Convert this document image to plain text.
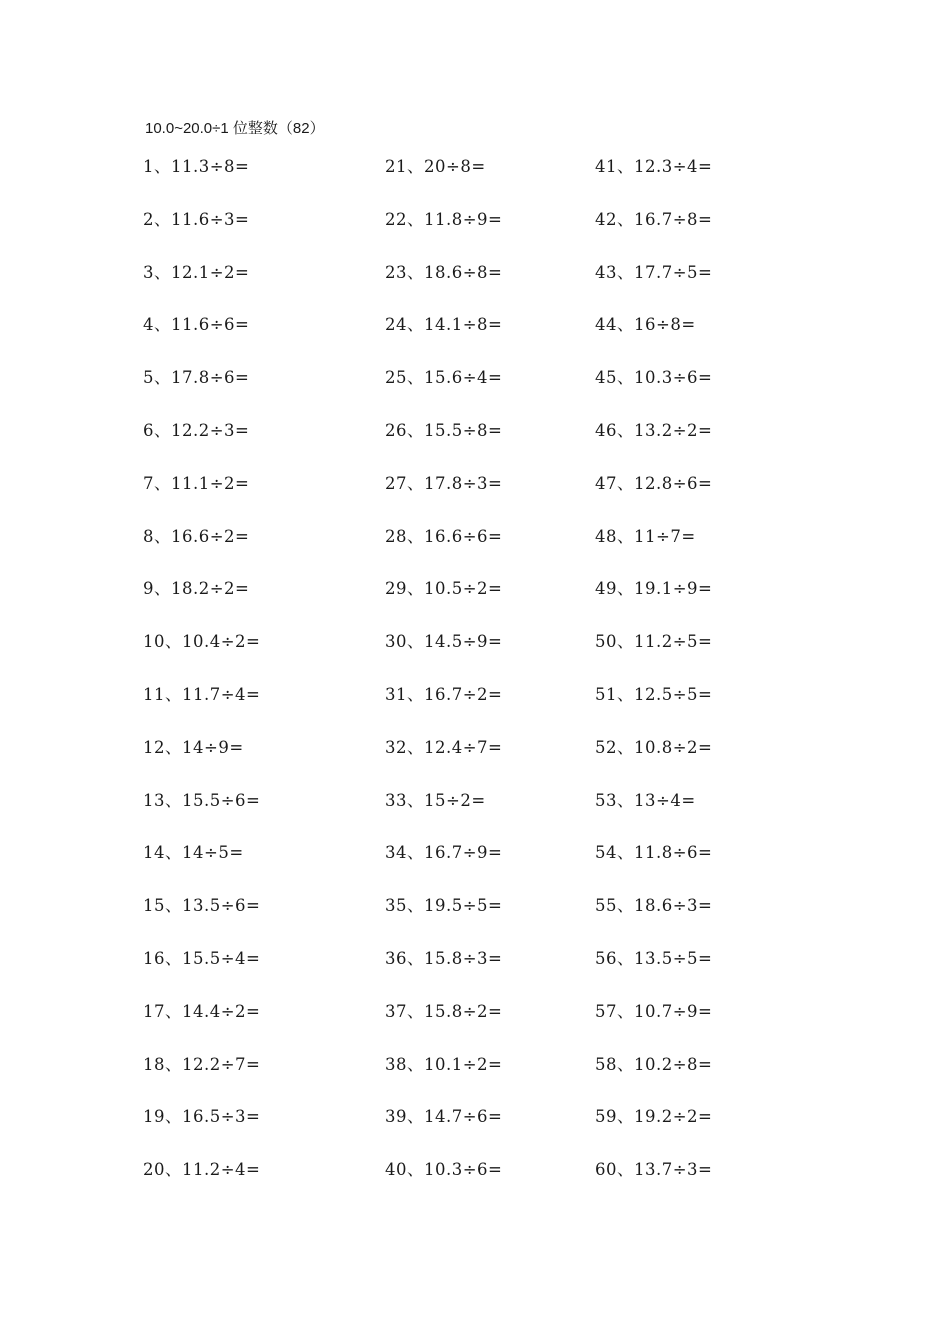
10.0~20.0÷1 位整数（82）
1、11.3÷8=
2、11.6÷3=
3、12.1÷2=
4、11.6÷6=
5、17.8÷6=
6、12.2÷3=
7、11.1÷2=
8、16.6÷2=
9、18.2÷2=
10、10.4÷2=
11、11.7÷4=
12、14÷9=
13、15.5÷6=
14、14÷5=
15、13.5÷6=
16、15.5÷4=
17、14.4÷2=
18、12.2÷7=
19、16.5÷3=
20、11.2÷4=
21、20÷8=
22、11.8÷9=
23、18.6÷8=
24、14.1÷8=
25、15.6÷4=
26、15.5÷8=
27、17.8÷3=
28、16.6÷6=
29、10.5÷2=
30、14.5÷9=
31、16.7÷2=
32、12.4÷7=
33、15÷2=
34、16.7÷9=
35、19.5÷5=
36、15.8÷3=
37、15.8÷2=
38、10.1÷2=
39、14.7÷6=
40、10.3÷6=
41、12.3÷4=
42、16.7÷8=
43、17.7÷5=
44、16÷8=
45、10.3÷6=
46、13.2÷2=
47、12.8÷6=
48、11÷7=
49、19.1÷9=
50、11.2÷5=
51、12.5÷5=
52、10.8÷2=
53、13÷4=
54、11.8÷6=
55、18.6÷3=
56、13.5÷5=
57、10.7÷9=
58、10.2÷8=
59、19.2÷2=
60、13.7÷3=
